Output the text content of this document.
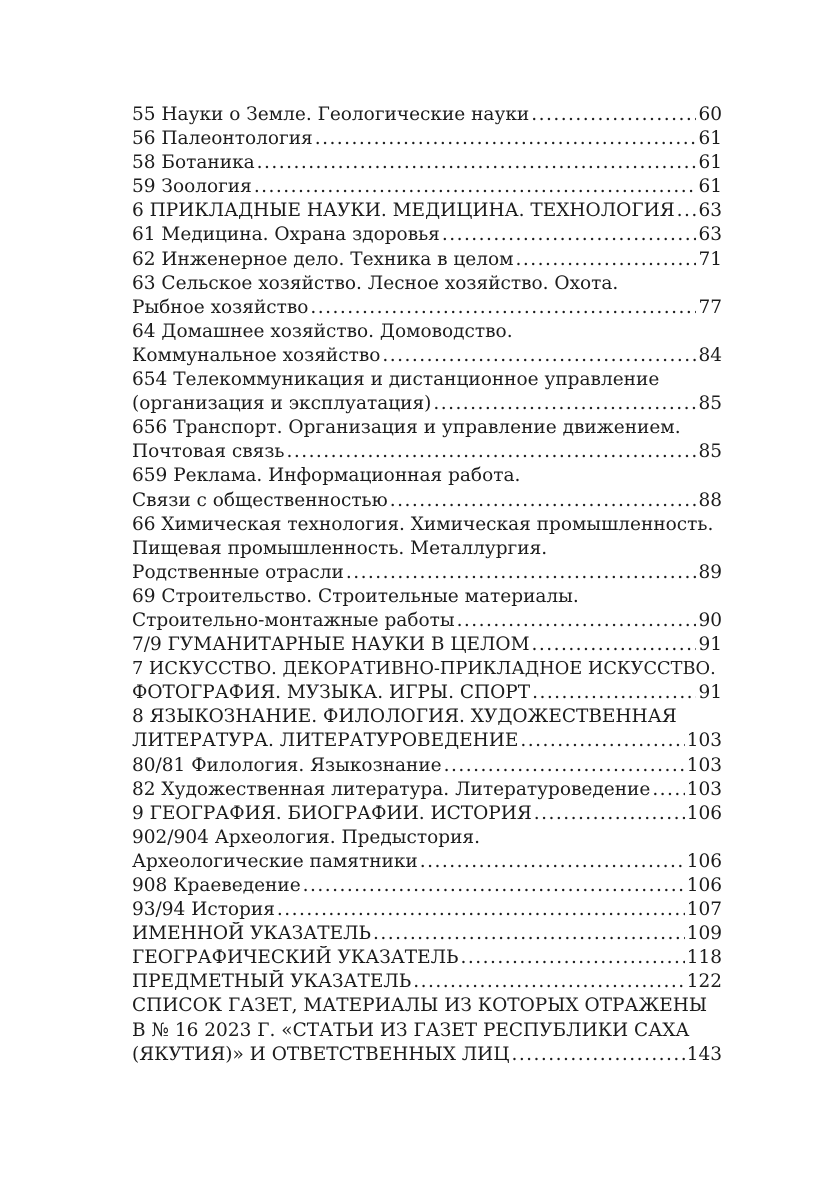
55 Науки о Земле. Геологические науки . . .	60
56 Палеонтология . . .	61
58 Ботаника . . .	61
59 Зоология . . .	61
6 ПРИКЛАДНЫЕ НАУКИ. МЕДИЦИНА. ТЕХНОЛОГИЯ . . . 63
61 Медицина. Охрана здоровья . . .	63
62 Инженерное дело. Техника в целом . . .	71
63 Сельское хозяйство. Лесное хозяйство. Охота.
Рыбное хозяйство . . .	77
64 Домашнее хозяйство. Домоводство.
Коммунальное хозяйство . . .	84
654 Телекоммуникация и дистанционное управление
(организация и эксплуатация) . . .	85
656 Транспорт. Организация и управление движением.
Почтовая связь . . .	85
659 Реклама. Информационная работа.
Связи с общественностью . . .	88
66 Химическая технология. Химическая промышленность.
Пищевая промышленность. Металлургия.
Родственные отрасли . . .	89
69 Строительство. Строительные материалы.
Строительно-монтажные работы . . .	90
7/9 ГУМАНИТАРНЫЕ НАУКИ В ЦЕЛОМ . . .	91
7 ИСКУССТВО. ДЕКОРАТИВНО-ПРИКЛАДНОЕ ИСКУССТВО.
ФОТОГРАФИЯ. МУЗЫКА. ИГРЫ. СПОРТ . . .	91
8 ЯЗЫКОЗНАНИЕ. ФИЛОЛОГИЯ. ХУДОЖЕСТВЕННАЯ
ЛИТЕРАТУРА. ЛИТЕРАТУРОВЕДЕНИЕ . . .	103
80/81 Филология. Языкознание . . .	103
82 Художественная литература. Литературоведение . . . 103
9 ГЕОГРАФИЯ. БИОГРАФИИ. ИСТОРИЯ . . .	106
902/904 Археология. Предыстория.
Археологические памятники . . .	106
908 Краеведение . . .	106
93/94 История . . .	107
ИМЕННОЙ УКАЗАТЕЛЬ . . .	109
ГЕОГРАФИЧЕСКИЙ УКАЗАТЕЛЬ . . .	118
ПРЕДМЕТНЫЙ УКАЗАТЕЛЬ . . .	122
СПИСОК ГАЗЕТ, МАТЕРИАЛЫ ИЗ КОТОРЫХ ОТРАЖЕНЫ
В № 16 2023 Г. «СТАТЬИ ИЗ ГАЗЕТ РЕСПУБЛИКИ САХА
(ЯКУТИЯ)» И ОТВЕТСТВЕННЫХ ЛИЦ . . .	143
